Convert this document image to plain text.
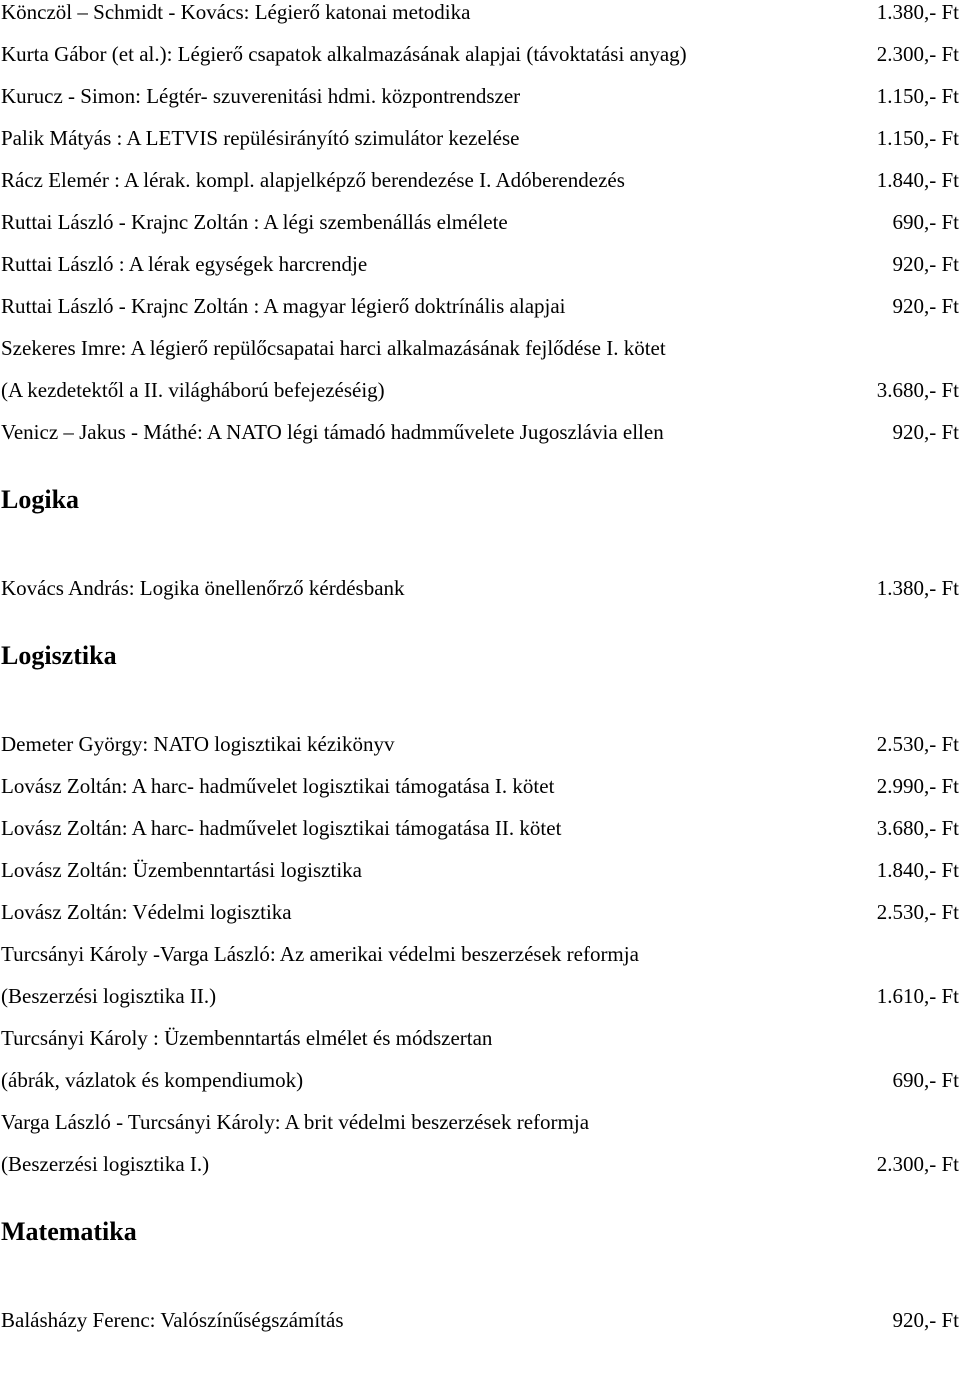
Könczöl – Schmidt - Kovács: Légierő katonai metodika	1.380,- Ft
Kurta Gábor (et al.): Légierő csapatok alkalmazásának alapjai (távoktatási anyag)	2.300,- Ft
Kurucz - Simon: Légtér- szuverenitási hdmi. központrendszer	1.150,- Ft
Palik Mátyás : A LETVIS repülésirányító szimulátor kezelése	1.150,- Ft
Rácz Elemér : A lérak. kompl. alapjelképző berendezése I. Adóberendezés	1.840,- Ft
Ruttai László - Krajnc Zoltán : A légi szembenállás elmélete	690,- Ft
Ruttai László : A lérak egységek harcrendje	920,- Ft
Ruttai László - Krajnc Zoltán : A magyar légierő doktrínális alapjai	920,- Ft
Szekeres Imre: A légierő repülőcsapatai harci alkalmazásának fejlődése I. kötet
(A kezdetektől a II. világháború befejezéséig)	3.680,- Ft
Venicz – Jakus - Máthé: A NATO légi támadó hadmművelete Jugoszlávia ellen	920,- Ft
Logika
Kovács András: Logika önellenőrző kérdésbank	1.380,- Ft
Logisztika
Demeter György: NATO logisztikai kézikönyv	2.530,- Ft
Lovász Zoltán: A harc- hadművelet logisztikai támogatása I. kötet	2.990,- Ft
Lovász Zoltán: A harc- hadművelet logisztikai támogatása II. kötet	3.680,- Ft
Lovász Zoltán: Üzembenntartási logisztika	1.840,- Ft
Lovász Zoltán: Védelmi logisztika	2.530,- Ft
Turcsányi Károly -Varga László: Az amerikai védelmi beszerzések reformja
(Beszerzési logisztika II.)	1.610,- Ft
Turcsányi Károly : Üzembenntartás elmélet és módszertan
(ábrák, vázlatok és kompendiumok)	690,- Ft
Varga László - Turcsányi Károly: A brit védelmi beszerzések reformja
(Beszerzési logisztika I.)	2.300,- Ft
Matematika
Balásházy Ferenc: Valószínűségszámítás	920,- Ft
